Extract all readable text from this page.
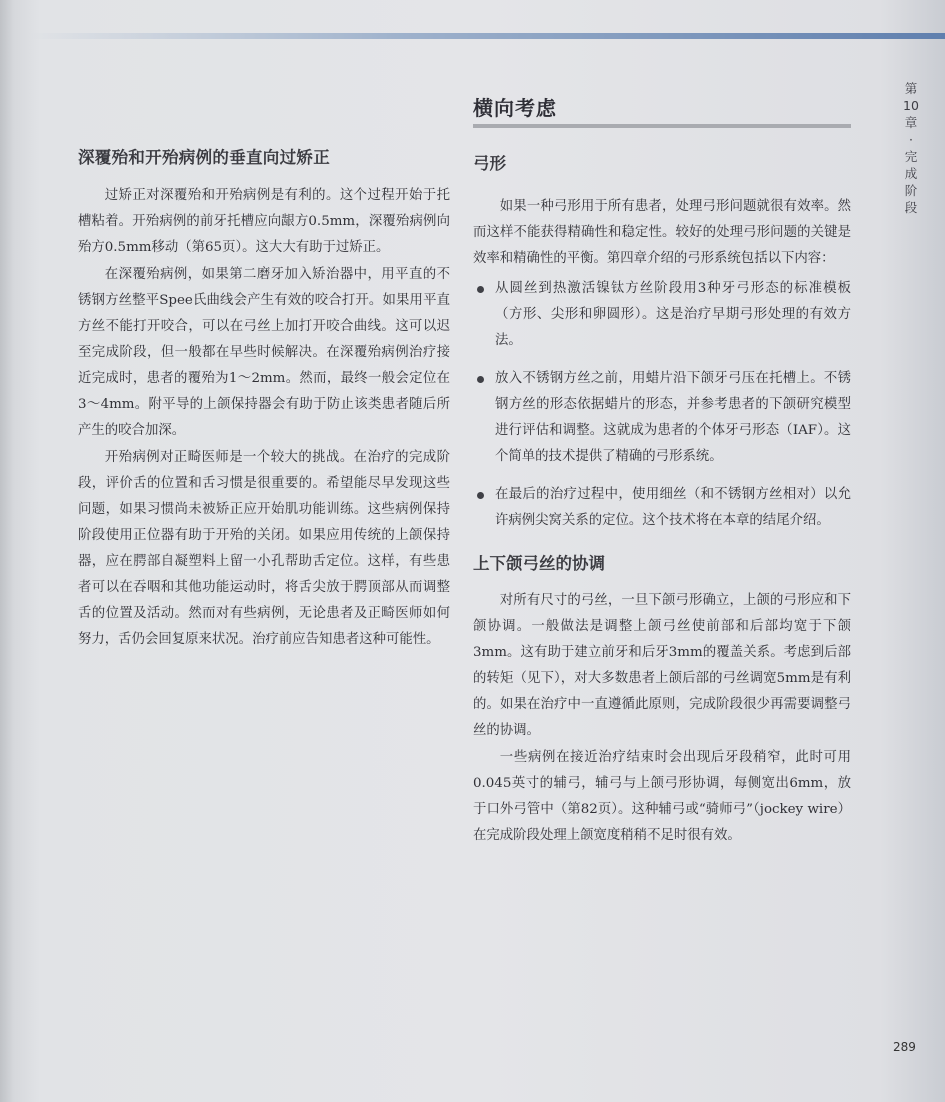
深覆殆和开殆病例的垂直向过矫正

过矫正对深覆殆和开殆病例是有利的。这个过程开始于托槽粘着。开殆病例的前牙托槽应向龈方0.5mm，深覆殆病例向殆方0.5mm移动（第65页）。这大大有助于过矫正。

在深覆殆病例，如果第二磨牙加入矫治器中，用平直的不锈钢方丝整平Spee氏曲线会产生有效的咬合打开。如果用平直方丝不能打开咬合，可以在弓丝上加打开咬合曲线。这可以迟至完成阶段，但一般都在早些时候解决。在深覆殆病例治疗接近完成时，患者的覆殆为1～2mm。然而，最终一般会定位在3～4mm。附平导的上颌保持器会有助于防止该类患者随后所产生的咬合加深。

开殆病例对正畸医师是一个较大的挑战。在治疗的完成阶段，评价舌的位置和舌习惯是很重要的。希望能尽早发现这些问题，如果习惯尚未被矫正应开始肌功能训练。这些病例保持阶段使用正位器有助于开殆的关闭。如果应用传统的上颌保持器，应在腭部自凝塑料上留一小孔帮助舌定位。这样，有些患者可以在吞咽和其他功能运动时，将舌尖放于腭顶部从而调整舌的位置及活动。然而对有些病例，无论患者及正畸医师如何努力，舌仍会回复原来状况。治疗前应告知患者这种可能性。

横向考虑
弓形

如果一种弓形用于所有患者，处理弓形问题就很有效率。然而这样不能获得精确性和稳定性。较好的处理弓形问题的关键是效率和精确性的平衡。第四章介绍的弓形系统包括以下内容：

从圆丝到热激活镍钛方丝阶段用3种牙弓形态的标准模板（方形、尖形和卵圆形）。这是治疗早期弓形处理的有效方法。
放入不锈钢方丝之前，用蜡片沿下颌牙弓压在托槽上。不锈钢方丝的形态依据蜡片的形态，并参考患者的下颌研究模型进行评估和调整。这就成为患者的个体牙弓形态（IAF）。这个简单的技术提供了精确的弓形系统。
在最后的治疗过程中，使用细丝（和不锈钢方丝相对）以允许病例尖窝关系的定位。这个技术将在本章的结尾介绍。
上下颌弓丝的协调

对所有尺寸的弓丝，一旦下颌弓形确立，上颌的弓形应和下颌协调。一般做法是调整上颌弓丝使前部和后部均宽于下颌3mm。这有助于建立前牙和后牙3mm的覆盖关系。考虑到后部的转矩（见下），对大多数患者上颌后部的弓丝调宽5mm是有利的。如果在治疗中一直遵循此原则，完成阶段很少再需要调整弓丝的协调。

一些病例在接近治疗结束时会出现后牙段稍窄，此时可用0.045英寸的辅弓，辅弓与上颌弓形协调，每侧宽出6mm，放于口外弓管中（第82页）。这种辅弓或“骑师弓”（jockey wire）在完成阶段处理上颌宽度稍稍不足时很有效。

第
10
章
·
完
成
阶
段
289
